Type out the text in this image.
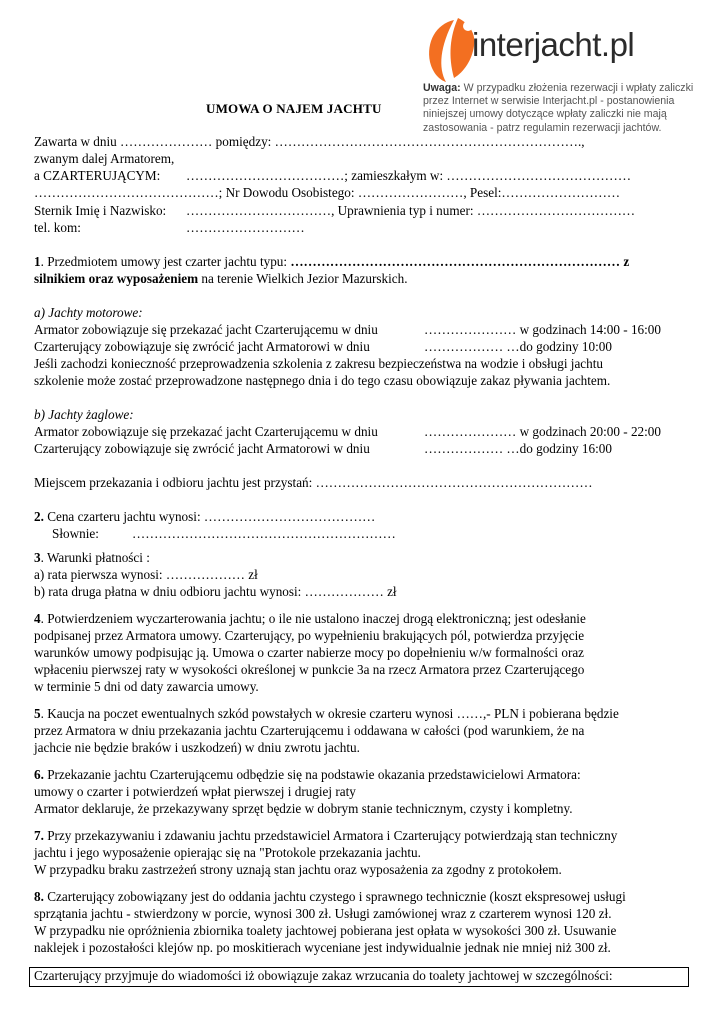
interjacht.pl
Uwaga: W przypadku złożenia rezerwacji i wpłaty zaliczki
przez Internet w serwisie Interjacht.pl - postanowienia
niniejszej umowy dotyczące wpłaty zaliczki nie mają
zastosowania - patrz regulamin rezerwacji jachtów.
UMOWA O NAJEM JACHTU
Zawarta w dniu ………………… pomiędzy: …………………………………………………………….,
zwanym dalej Armatorem,
a CZARTERUJĄCYM: ………………………………; zamieszkałym w: ……………………………………
……………………………………; Nr Dowodu Osobistego: ……………………, Pesel:………………………
Sternik Imię i Nazwisko: ……………………………, Uprawnienia typ i numer: ………………………………
tel. kom:	………………………
1. Przedmiotem umowy jest czarter jachtu typu: ………………………………………………………………… z
silnikiem oraz wyposażeniem na terenie Wielkich Jezior Mazurskich.
a) Jachty motorowe:
Armator zobowiązuje się przekazać jacht Czarterującemu w dniu	………………… w godzinach 14:00 - 16:00
Czarterujący zobowiązuje się zwrócić jacht Armatorowi w dniu	……………… …do godziny 10:00
Jeśli zachodzi konieczność przeprowadzenia szkolenia z zakresu bezpieczeństwa na wodzie i obsługi jachtu
szkolenie może zostać przeprowadzone następnego dnia i do tego czasu obowiązuje zakaz pływania jachtem.
b) Jachty żaglowe:
Armator zobowiązuje się przekazać jacht Czarterującemu w dniu	………………… w godzinach 20:00 - 22:00
Czarterujący zobowiązuje się zwrócić jacht Armatorowi w dniu	……………… …do godziny 16:00
Miejscem przekazania i odbioru jachtu jest przystań: ………………………………………………………
2. Cena czarteru jachtu wynosi: …………………………………
Słownie:	……………………………………………………
3. Warunki płatności :
a) rata pierwsza wynosi: ……………… zł
b) rata druga płatna w dniu odbioru jachtu wynosi: ……………… zł
4. Potwierdzeniem wyczarterowania jachtu; o ile nie ustalono inaczej drogą elektroniczną; jest odesłanie
podpisanej przez Armatora umowy. Czarterujący, po wypełnieniu brakujących pól, potwierdza przyjęcie
warunków umowy podpisując ją. Umowa o czarter nabierze mocy po dopełnieniu w/w formalności oraz
wpłaceniu pierwszej raty w wysokości określonej w punkcie 3a na rzecz Armatora przez Czarterującego
w terminie 5 dni od daty zawarcia umowy.
5. Kaucja na poczet ewentualnych szkód powstałych w okresie czarteru wynosi ……,- PLN i pobierana będzie
przez Armatora w dniu przekazania jachtu Czarterującemu i oddawana w całości (pod warunkiem, że na
jachcie nie będzie braków i uszkodzeń) w dniu zwrotu jachtu.
6. Przekazanie jachtu Czarterującemu odbędzie się na podstawie okazania przedstawicielowi Armatora:
umowy o czarter i potwierdzeń wpłat pierwszej i drugiej raty
Armator deklaruje, że przekazywany sprzęt będzie w dobrym stanie technicznym, czysty i kompletny.
7. Przy przekazywaniu i zdawaniu jachtu przedstawiciel Armatora i Czarterujący potwierdzają stan techniczny
jachtu i jego wyposażenie opierając się na "Protokole przekazania jachtu.
W przypadku braku zastrzeżeń strony uznają stan jachtu oraz wyposażenia za zgodny z protokołem.
8. Czarterujący zobowiązany jest do oddania jachtu czystego i sprawnego technicznie (koszt ekspresowej usługi
sprzątania jachtu - stwierdzony w porcie, wynosi 300 zł. Usługi zamówionej wraz z czarterem wynosi 120 zł.
W przypadku nie opróżnienia zbiornika toalety jachtowej pobierana jest opłata w wysokości 300 zł. Usuwanie
naklejek i pozostałości klejów np. po moskitierach wyceniane jest indywidualnie jednak nie mniej niż 300 zł.
Czarterujący przyjmuje do wiadomości iż obowiązuje zakaz wrzucania do toalety jachtowej w szczególności:
